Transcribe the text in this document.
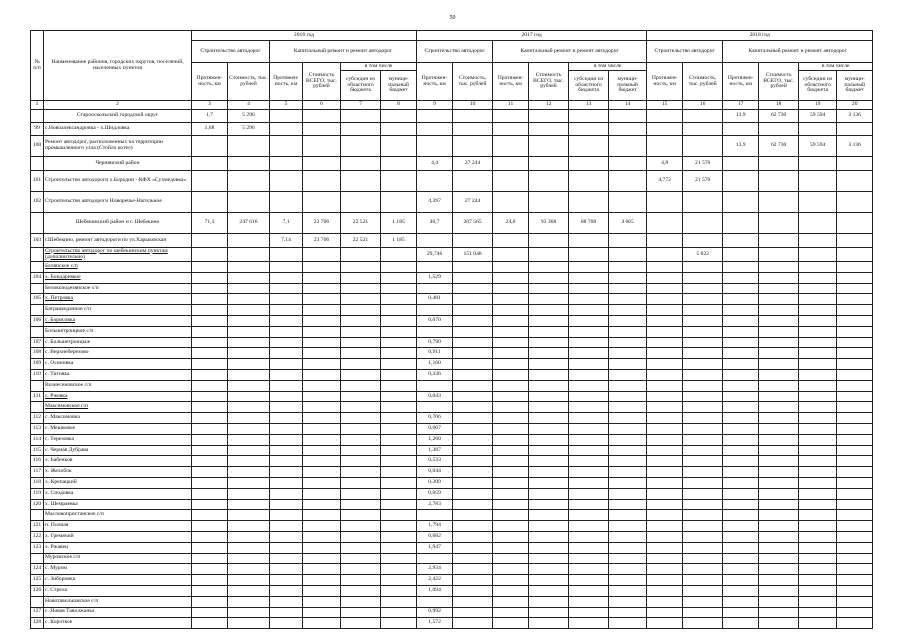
50
№ п/п	Наименование районов, городских округов, поселений, населенных пунктов	2016 год						2017 год						2018 год					
		Строительство автодорог		Капитальный ремонт и ремонт автодорог				Строительство автодорог		Капитальный ремонт и ремонт автодорог				Строительство автодорог		Капитальный ремонт и ремонт автодорог			
		Протяжен-ность, км	Стоимость, тыс. рублей	Протяжен-ность, км	Стоимость ВСЕГО, тыс. рублей	в том числе		Протяжен-ность, км	Стоимость, тыс. рублей	Протяжен-ность, км	Стоимость ВСЕГО, тыс. рублей	в том числе		Протяжен-ность, км	Стоимость, тыс. рублей	Протяжен-ность, км	Стоимость ВСЕГО, тыс. рублей	в том числе	
						субсидии из областного бюджета	муници-пальный бюджет					субсидии из областного бюджета	муници-пальный бюджет					субсидии из областного бюджета	муници-пальный бюджет
1	2	3	4	5	6	7	8	9	10	11	12	13	14	15	16	17	18	19	20
	Старооскольский городской округ	1,7	5 296													13,9	62 730	59 594	3 136
99	с.Новоалександровка - х.Шидловка	1,68	5 296																
100	Ремонт автодорог, расположенных на территории промышленного узла (Стойло котел)															13,9	62 730	59 594	3 136
	Чернянский район							4,4	27 244					4,8	21 570				
101	Строительство автодороги х.Бородин - КФХ «Сухмедовка»													4,772	21 570				
102	Строительство автодороги Новоречье-Нагольное							4,397	27 244										
	Шебекинский район и г. Шебекино	71,3	247 616	7,1	23 706	22 521	1 185	40,7	207 565	24,0	93 368	88 700	4 665						
103	г.Шебекино, ремонт автодороги по ул.Харьковская			7,14	23 706	22 521	1 185												
	Строительство автодорог по шебекинским пунктам (дополнительно)							29,746	151 048						5 822				
	Белянское с/п																		
104	х. Бондаревкое							1,529											
	Белоколодезянское с/п																		
105	х. Петровка							0,481											
	Батрацкодачное с/п																		
106	с. Борисовка							0,070											
	Большетроицкое с/п																		
107	с. Большетроицкое							0,790											
108	с. Верхнеберезово							0,911											
109	с. Осиновка							1,160											
110	с. Титовка							0,336											
	Вознесеновское с/п																		
111	с. Ржевка							0,043											
	Максимовское с/п																		
112	с. Максимовка							0,706											
113	с. Мешковое							0,667											
114	с. Терезовка							1,260											
115	с. Черная Дубрава							1,387											
116	х. Бабенков							0,533											
117	х. Желобок							0,044											
118	х. Крепацкий							0,209											
119	х. Сподовка							0,059											
120	х. Шемраевка							2,783											
	Масловопристанское с/п																		
121	п. Полная							1,794											
122	х. Гремячий							0,682											
123	х. Ржавец							1,947											
	Муромское с/п																		
124	с. Муром							2,934											
125	с. Зиборовка							2,422											
126	с. Стрела							1,094											
	Новотаволжанское с/п																		
127	с. Новая Таволжанка							0,992											
128	с. Короткое							1,572											
